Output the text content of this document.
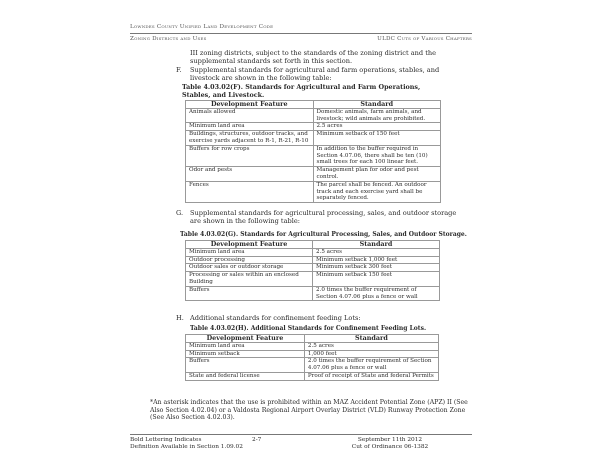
Lowndes County Unified Land Development Code
Zoning Districts and Uses	ULDC Cuts of Various Chapters
III zoning districts, subject to the standards of the zoning district and the supplemental standards set forth in this section.
F. Supplemental standards for agricultural and farm operations, stables, and livestock are shown in the following table:
Table 4.03.02(F). Standards for Agricultural and Farm Operations, Stables, and Livestock.
Development Feature	Standard
Animals allowed	Domestic animals, farm animals, and livestock; wild animals are prohibited.
Minimum land area	2.5 acres
Buildings, structures, outdoor tracks, and exercise yards adjacent to R-1, R-21, R-10	Minimum setback of 150 feet
Buffers for row crops	In addition to the buffer required in Section 4.07.06, there shall be ten (10) small trees for each 100 linear feet.
Odor and pests	Management plan for odor and pest control.
Fences	The parcel shall be fenced. An outdoor track and each exercise yard shall be separately fenced.
G. Supplemental standards for agricultural processing, sales, and outdoor storage are shown in the following table:
Table 4.03.02(G). Standards for Agricultural Processing, Sales, and Outdoor Storage.
Development Feature	Standard
Minimum land area	2.5 acres
Outdoor processing	Minimum setback 1,000 feet
Outdoor sales or outdoor storage	Minimum setback 300 feet
Processing or sales within an enclosed Building	Minimum setback 150 feet
Buffers	2.0 times the buffer requirement of Section 4.07.06 plus a fence or wall
H. Additional standards for confinement feeding Lots:
Table 4.03.02(H). Additional Standards for Confinement Feeding Lots.
Development Feature	Standard
Minimum land area	2.5 acres
Minimum setback	1,000 feet
Buffers	2.0 times the buffer requirement of Section 4.07.06 plus a fence or wall
State and federal license	Proof of receipt of State and federal Permits
*An asterisk indicates that the use is prohibited within an MAZ Accident Potential Zone (APZ) II (See Also Section 4.02.04) or a Valdosta Regional Airport Overlay District (VLD) Runway Protection Zone (See Also Section 4.02.03).
Bold Lettering Indicates
Definition Available in Section 1.09.02
2-7	September 11th 2012
Cut of Ordinance 06-1382
